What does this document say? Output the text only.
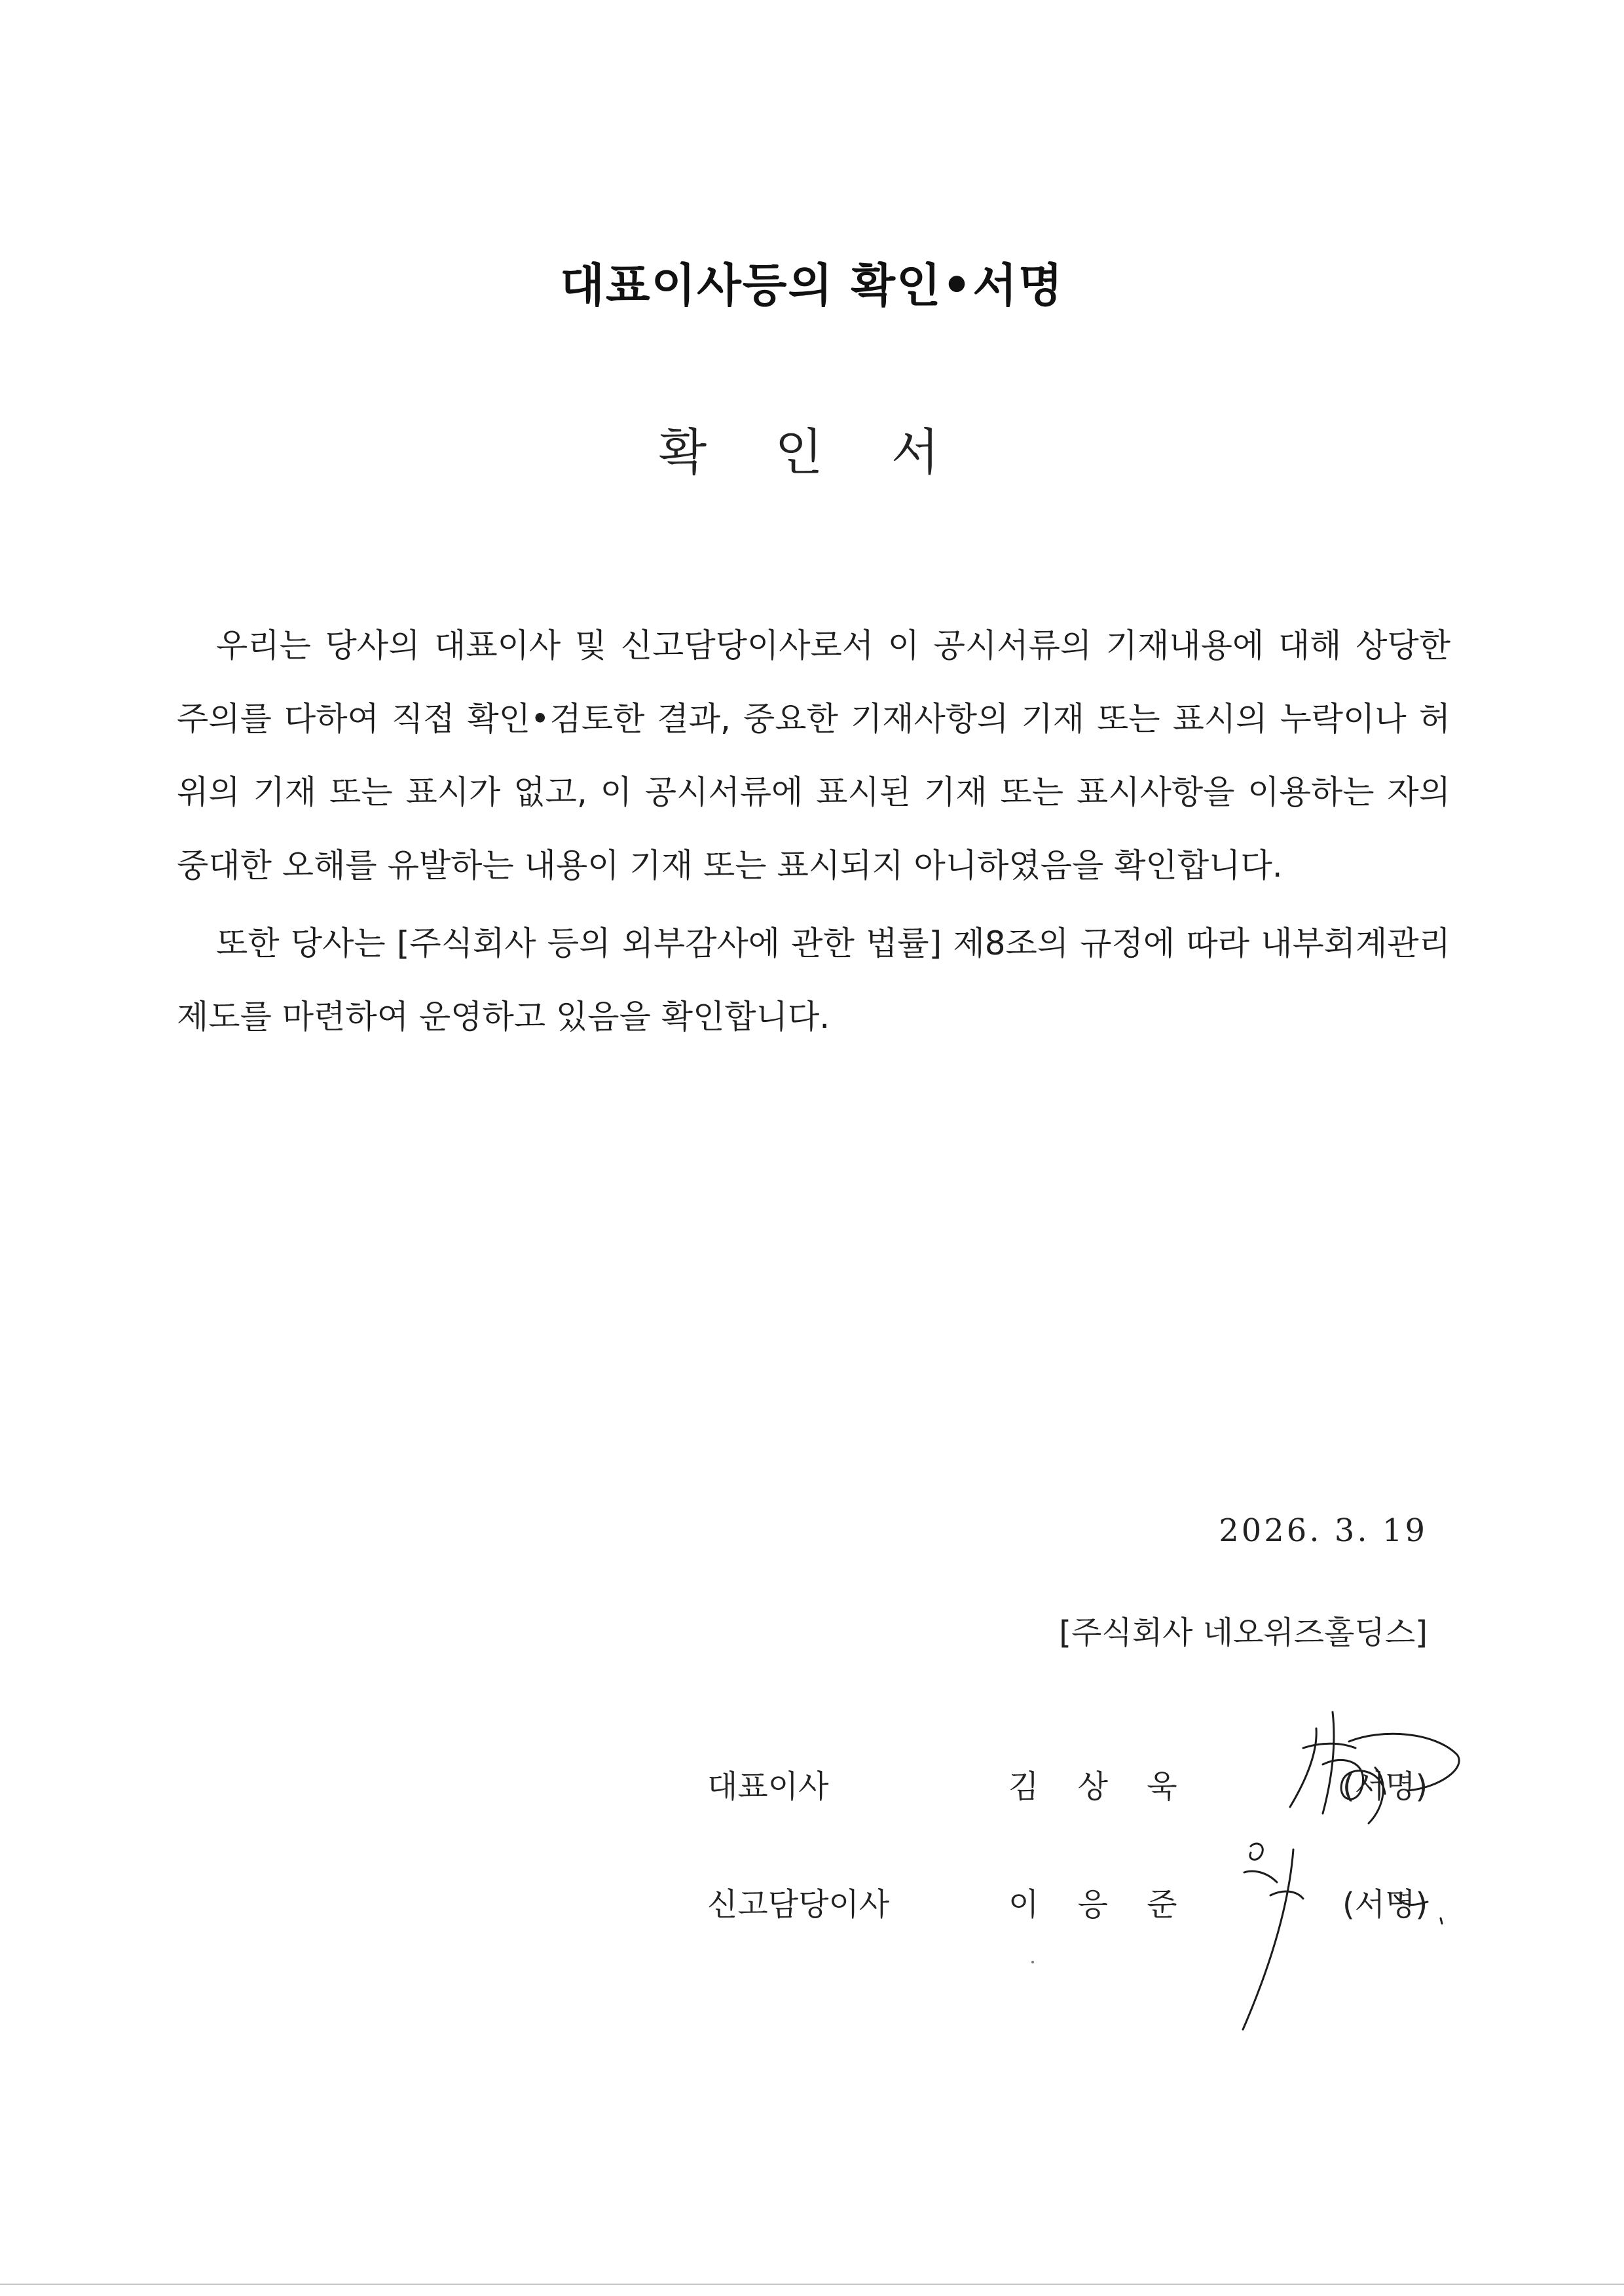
대표이사등의 확인•서명
확 인 서

우리는 당사의 대표이사 및 신고담당이사로서 이 공시서류의 기재내용에 대해 상당한 주의를 다하여 직접 확인•검토한 결과, 중요한 기재사항의 기재 또는 표시의 누락이나 허위의 기재 또는 표시가 없고, 이 공시서류에 표시된 기재 또는 표시사항을 이용하는 자의 중대한 오해를 유발하는 내용이 기재 또는 표시되지 아니하였음을 확인합니다.

또한 당사는 [주식회사 등의 외부감사에 관한 법률] 제8조의 규정에 따라 내부회계관리제도를 마련하여 운영하고 있음을 확인합니다.

2026. 3. 19
[주식회사 네오위즈홀딩스]
대표이사	김 상 욱	(서명)
신고담당이사	이 응 준	(서명)
